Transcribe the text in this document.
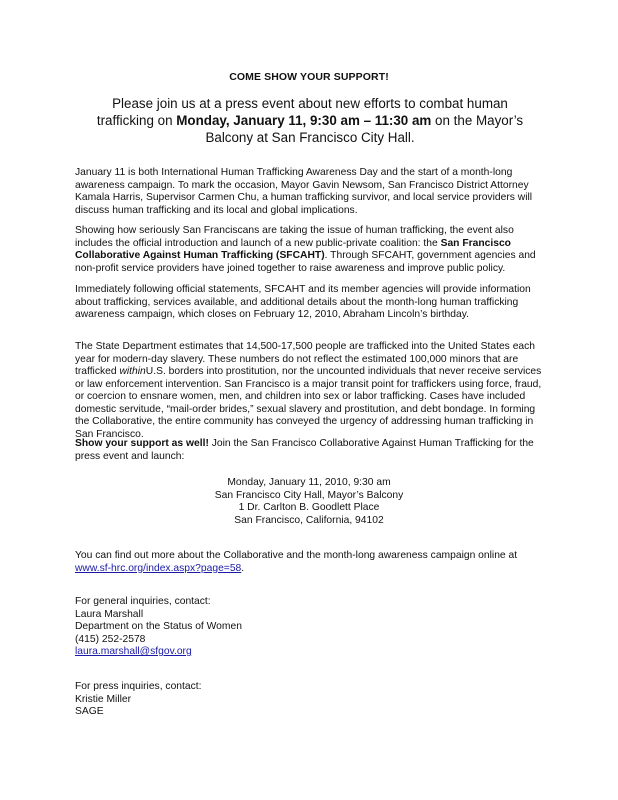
COME SHOW YOUR SUPPORT!
Please join us at a press event about new efforts to combat human trafficking on Monday, January 11, 9:30 am – 11:30 am on the Mayor’s Balcony at San Francisco City Hall.

January 11 is both International Human Trafficking Awareness Day and the start of a month-long awareness campaign. To mark the occasion, Mayor Gavin Newsom, San Francisco District Attorney Kamala Harris, Supervisor Carmen Chu, a human trafficking survivor, and local service providers will discuss human trafficking and its local and global implications.

Showing how seriously San Franciscans are taking the issue of human trafficking, the event also includes the official introduction and launch of a new public-private coalition: the San Francisco Collaborative Against Human Trafficking (SFCAHT). Through SFCAHT, government agencies and non-profit service providers have joined together to raise awareness and improve public policy.

Immediately following official statements, SFCAHT and its member agencies will provide information about trafficking, services available, and additional details about the month-long human trafficking awareness campaign, which closes on February 12, 2010, Abraham Lincoln’s birthday.

The State Department estimates that 14,500-17,500 people are trafficked into the United States each year for modern-day slavery. These numbers do not reflect the estimated 100,000 minors that are trafficked withinU.S. borders into prostitution, nor the uncounted individuals that never receive services or law enforcement intervention. San Francisco is a major transit point for traffickers using force, fraud, or coercion to ensnare women, men, and children into sex or labor trafficking. Cases have included domestic servitude, “mail-order brides,” sexual slavery and prostitution, and debt bondage. In forming the Collaborative, the entire community has conveyed the urgency of addressing human trafficking in San Francisco.

Show your support as well! Join the San Francisco Collaborative Against Human Trafficking for the press event and launch:

Monday, January 11, 2010, 9:30 am
San Francisco City Hall, Mayor’s Balcony
1 Dr. Carlton B. Goodlett Place
San Francisco, California, 94102

You can find out more about the Collaborative and the month-long awareness campaign online at www.sf-hrc.org/index.aspx?page=58.

For general inquiries, contact:
Laura Marshall
Department on the Status of Women
(415) 252-2578
laura.marshall@sfgov.org
For press inquiries, contact:
Kristie Miller
SAGE
